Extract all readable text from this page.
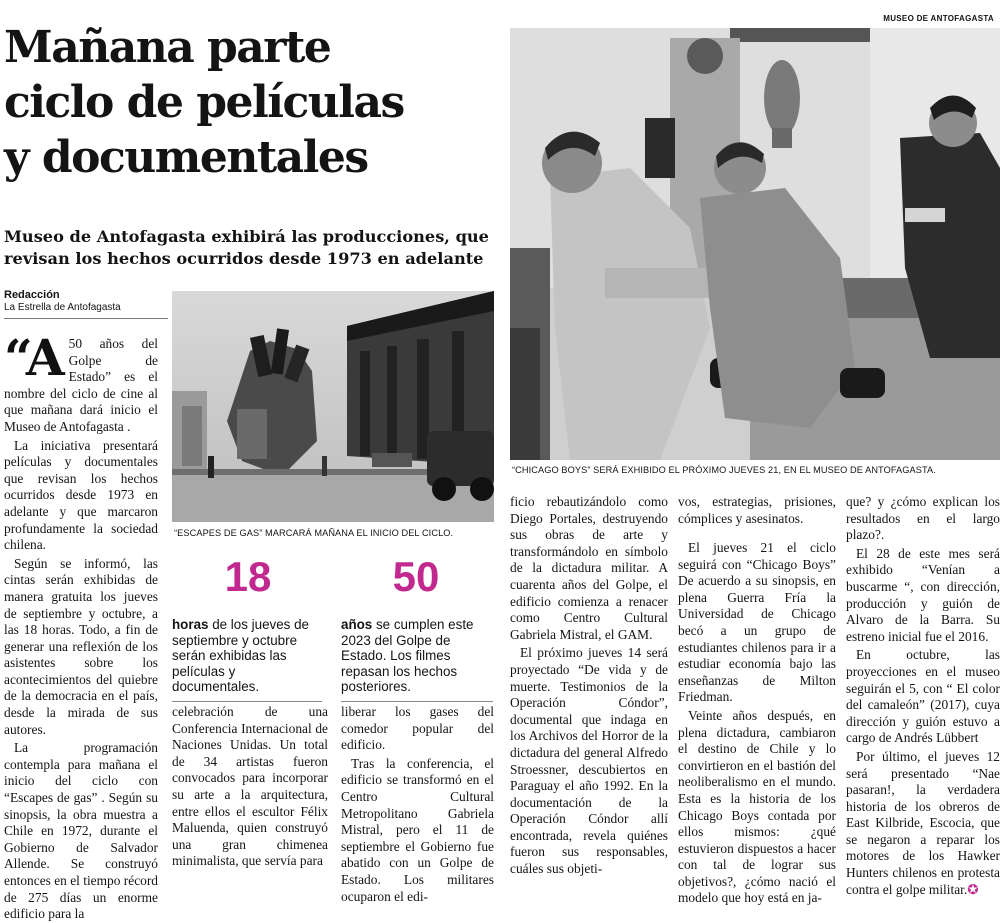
MUSEO DE ANTOFAGASTA
Mañana parte
ciclo de películas
y documentales
Museo de Antofagasta exhibirá las producciones, que
revisan los hechos ocurridos desde 1973 en adelante
Redacción
La Estrella de Antofagasta

“A 50 años del Golpe de Estado” es el nombre del ciclo de cine al que mañana dará inicio el Museo de Antofagasta .

La iniciativa presentará películas y documentales que revisan los hechos ocurridos desde 1973 en adelante y que marcaron profundamente la sociedad chilena.

Según se informó, las cintas serán exhibidas de manera gratuita los jueves de septiembre y octubre, a las 18 horas. Todo, a fin de generar una reflexión de los asistentes sobre los acontecimientos del quiebre de la democracia en el país, desde la mirada de sus autores.

La programación contempla para mañana el inicio del ciclo con “Escapes de gas” . Según su sinopsis, la obra muestra a Chile en 1972, durante el Gobierno de Salvador Allende. Se construyó entonces en el tiempo récord de 275 días un enorme edificio para la

“ESCAPES DE GAS” MARCARÁ MAÑANA EL INICIO DEL CICLO.
18
horas de los jueves de septiembre y octubre serán exhibidas las películas y documentales.
50
años se cumplen este 2023 del Golpe de Estado. Los filmes repasan los hechos posteriores.

celebración de una Conferencia Internacional de Naciones Unidas. Un total de 34 artistas fueron convocados para incorporar su arte a la arquitectura, entre ellos el escultor Félix Maluenda, quien construyó una gran chimenea minimalista, que servía para

liberar los gases del comedor popular del edificio.

Tras la conferencia, el edificio se transformó en el Centro Cultural Metropolitano Gabriela Mistral, pero el 11 de septiembre el Gobierno fue abatido con un Golpe de Estado. Los militares ocuparon el edi-

“CHICAGO BOYS” SERÁ EXHIBIDO EL PRÓXIMO JUEVES 21, EN EL MUSEO DE ANTOFAGASTA.

ficio rebautizándolo como Diego Portales, destruyendo sus obras de arte y transformándolo en símbolo de la dictadura militar. A cuarenta años del Golpe, el edificio comienza a renacer como Centro Cultural Gabriela Mistral, el GAM.

El próximo jueves 14 será proyectado “De vida y de muerte. Testimonios de la Operación Cóndor”, documental que indaga en los Archivos del Horror de la dictadura del general Alfredo Stroessner, descubiertos en Paraguay el año 1992. En la documentación de la Operación Cóndor allí encontrada, revela quiénes fueron sus responsables, cuáles sus objeti-

vos, estrategias, prisiones, cómplices y asesinatos.

El jueves 21 el ciclo seguirá con “Chicago Boys” De acuerdo a su sinopsis, en plena Guerra Fría la Universidad de Chicago becó a un grupo de estudiantes chilenos para ir a estudiar economía bajo las enseñanzas de Milton Friedman.

Veinte años después, en plena dictadura, cambiaron el destino de Chile y lo convirtieron en el bastión del neoliberalismo en el mundo. Esta es la historia de los Chicago Boys contada por ellos mismos: ¿qué estuvieron dispuestos a hacer con tal de lograr sus objetivos?, ¿cómo nació el modelo que hoy está en ja-

que? y ¿cómo explican los resultados en el largo plazo?.

El 28 de este mes será exhibido “Venían a buscarme “, con dirección, producción y guión de Alvaro de la Barra. Su estreno inicial fue el 2016.

En octubre, las proyecciones en el museo seguirán el 5, con “ El color del camaleón” (2017), cuya dirección y guión estuvo a cargo de Andrés Lübbert

Por último, el jueves 12 será presentado “Nae pasaran!, la verdadera historia de los obreros de East Kilbride, Escocia, que se negaron a reparar los motores de los Hawker Hunters chilenos en protesta contra el golpe militar.✪
